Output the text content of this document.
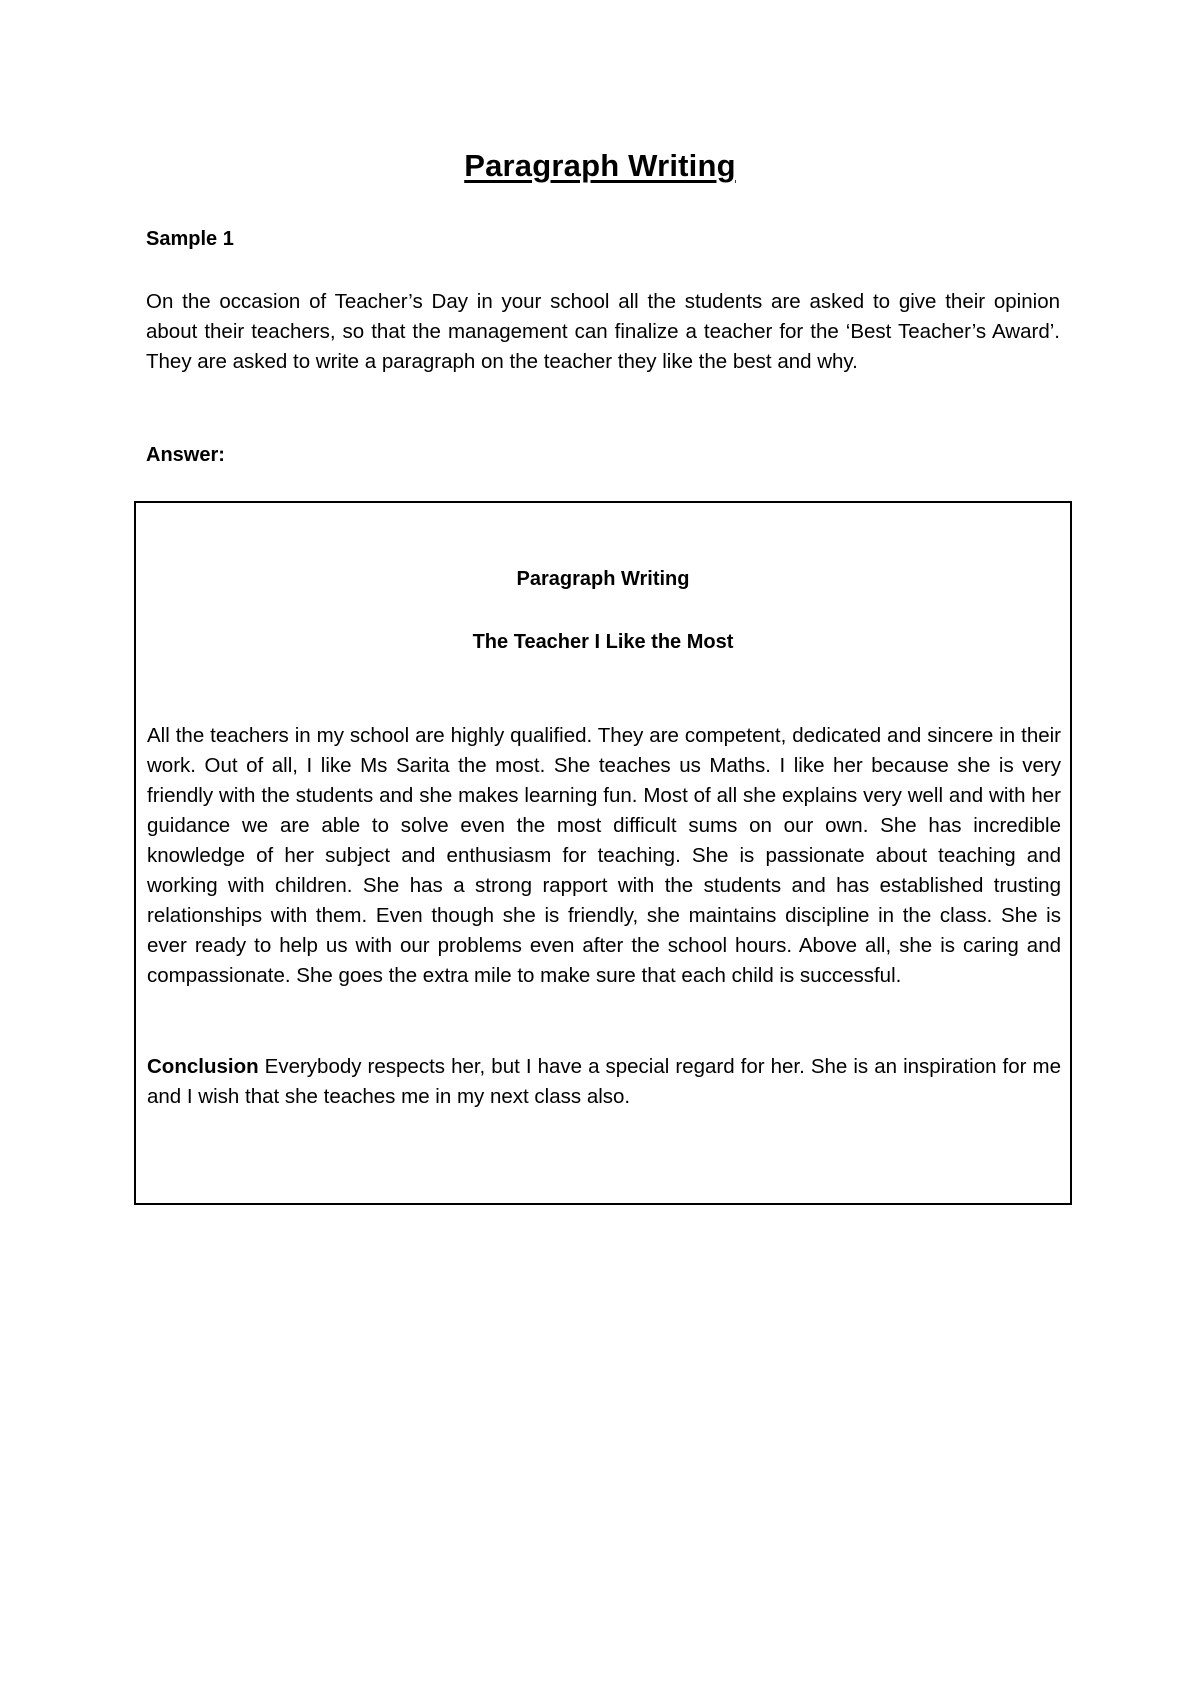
Paragraph Writing
Sample 1

On the occasion of Teacher’s Day in your school all the students are asked to give their opinion about their teachers, so that the management can finalize a teacher for the ‘Best Teacher’s Award’. They are asked to write a paragraph on the teacher they like the best and why.

Answer:
Paragraph Writing
The Teacher I Like the Most

All the teachers in my school are highly qualified. They are competent, dedicated and sincere in their work. Out of all, I like Ms Sarita the most. She teaches us Maths. I like her because she is very friendly with the students and she makes learning fun. Most of all she explains very well and with her guidance we are able to solve even the most difficult sums on our own. She has incredible knowledge of her subject and enthusiasm for teaching. She is passionate about teaching and working with children. She has a strong rapport with the students and has established trusting relationships with them. Even though she is friendly, she maintains discipline in the class. She is ever ready to help us with our problems even after the school hours. Above all, she is caring and compassionate. She goes the extra mile to make sure that each child is successful.

Conclusion Everybody respects her, but I have a special regard for her. She is an inspiration for me and I wish that she teaches me in my next class also.
